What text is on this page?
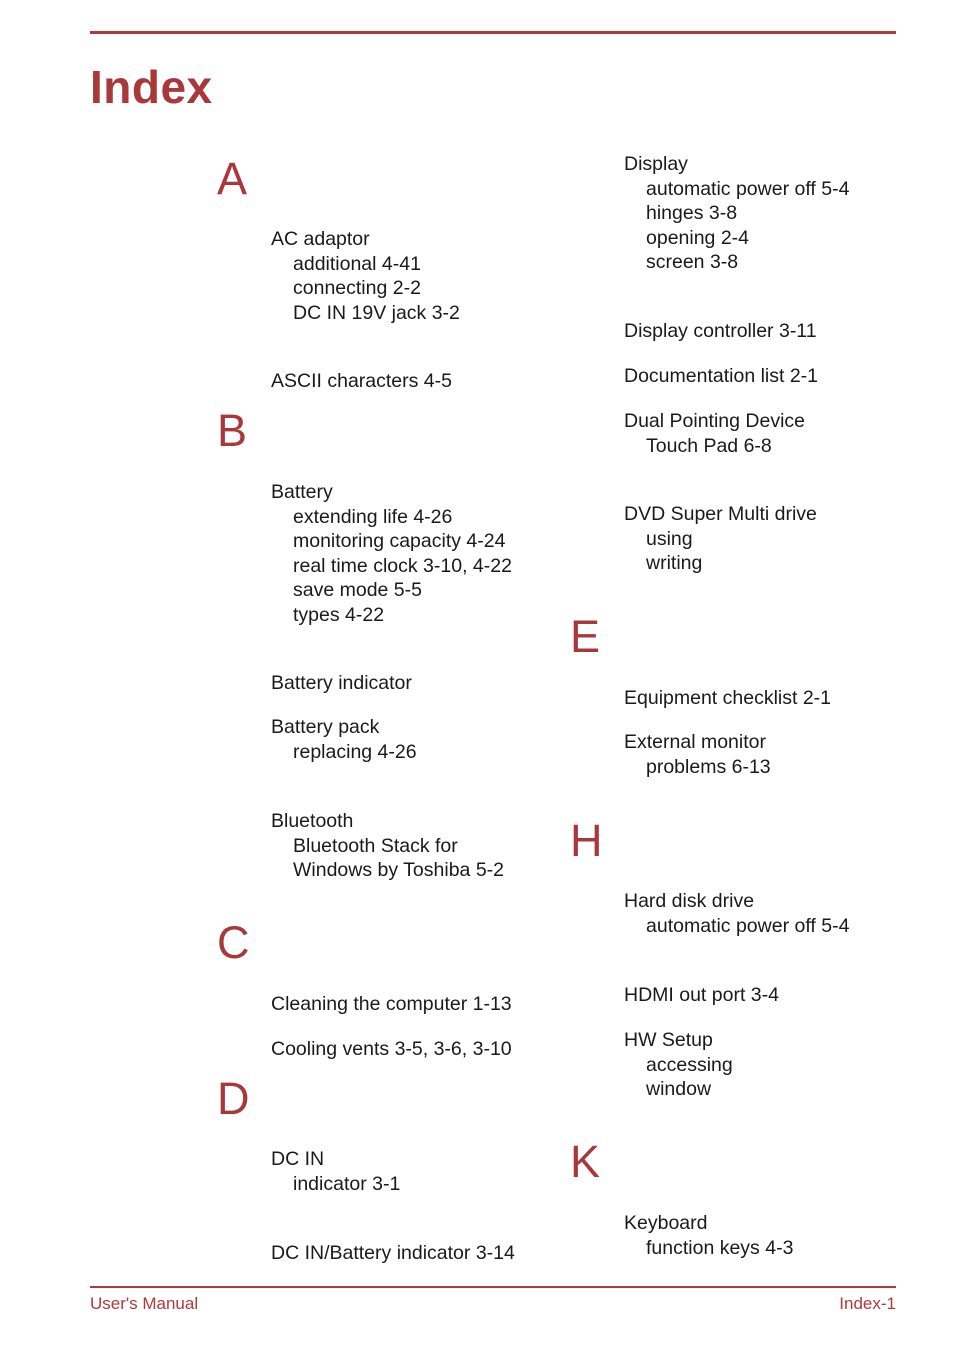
Index
A
AC adaptor
additional 4-41
connecting 2-2
DC IN 19V jack 3-2
ASCII characters 4-5
B
Battery
extending life 4-26
monitoring capacity 4-24
real time clock 3-10, 4-22
save mode 5-5
types 4-22
Battery indicator
Battery pack
replacing 4-26
Bluetooth
Bluetooth Stack for
Windows by Toshiba 5-2
C
Cleaning the computer 1-13
Cooling vents 3-5, 3-6, 3-10
D
DC IN
indicator 3-1
DC IN/Battery indicator 3-14
Display
automatic power off 5-4
hinges 3-8
opening 2-4
screen 3-8
Display controller 3-11
Documentation list 2-1
Dual Pointing Device
Touch Pad 6-8
DVD Super Multi drive
using
writing
E
Equipment checklist 2-1
External monitor
problems 6-13
H
Hard disk drive
automatic power off 5-4
HDMI out port 3-4
HW Setup
accessing
window
K
Keyboard
function keys 4-3
User's Manual	Index-1
